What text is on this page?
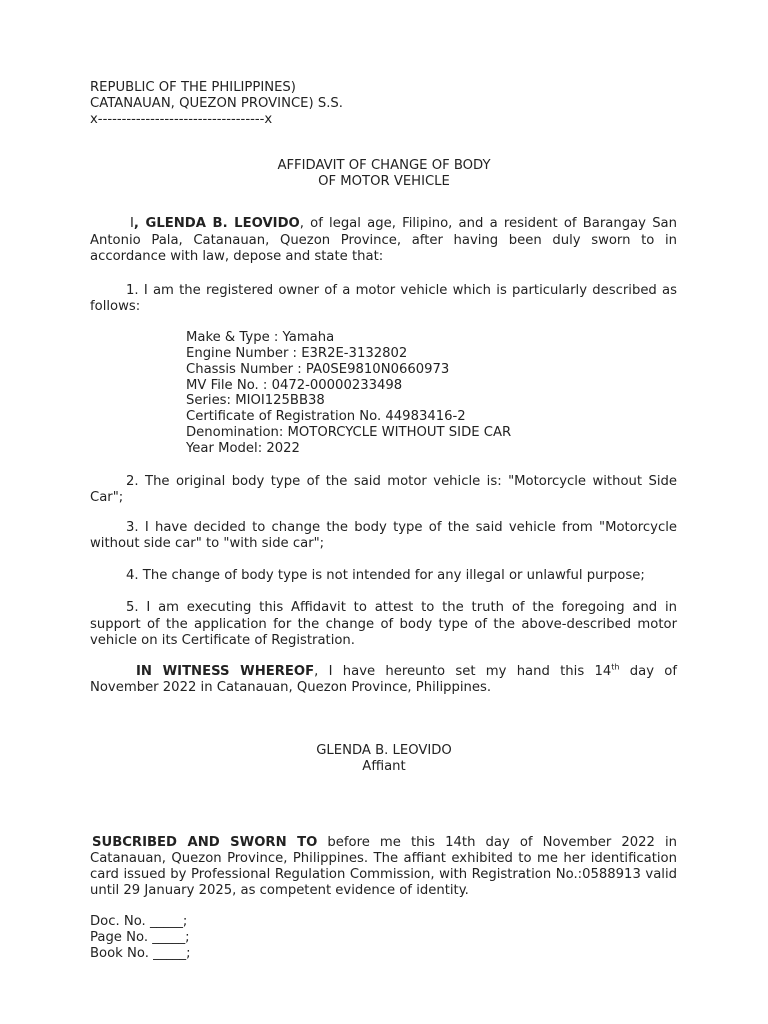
REPUBLIC OF THE PHILIPPINES)
CATANAUAN, QUEZON PROVINCE) S.S.
x-----------------------------------x
AFFIDAVIT OF CHANGE OF BODY
OF MOTOR VEHICLE
I, GLENDA B. LEOVIDO, of legal age, Filipino, and a resident of Barangay San
Antonio Pala, Catanauan, Quezon Province, after having been duly sworn to in
accordance with law, depose and state that:
1. I am the registered owner of a motor vehicle which is particularly described as
follows:
Make & Type : Yamaha
Engine Number : E3R2E-3132802
Chassis Number : PA0SE9810N0660973
MV File No. : 0472-00000233498
Series: MIOI125BB38
Certificate of Registration No. 44983416-2
Denomination: MOTORCYCLE WITHOUT SIDE CAR
Year Model: 2022
2. The original body type of the said motor vehicle is: "Motorcycle without Side
Car";
3. I have decided to change the body type of the said vehicle from "Motorcycle
without side car" to "with side car";
4. The change of body type is not intended for any illegal or unlawful purpose;
5. I am executing this Affidavit to attest to the truth of the foregoing and in
support of the application for the change of body type of the above-described motor
vehicle on its Certificate of Registration.
IN WITNESS WHEREOF, I have hereunto set my hand this 14th day of
November 2022 in Catanauan, Quezon Province, Philippines.
GLENDA B. LEOVIDO
Affiant
SUBCRIBED AND SWORN TO before me this 14th day of November 2022 in
Catanauan, Quezon Province, Philippines. The affiant exhibited to me her identification
card issued by Professional Regulation Commission, with Registration No.:0588913 valid
until 29 January 2025, as competent evidence of identity.
Doc. No. _____;
Page No. _____;
Book No. _____;
